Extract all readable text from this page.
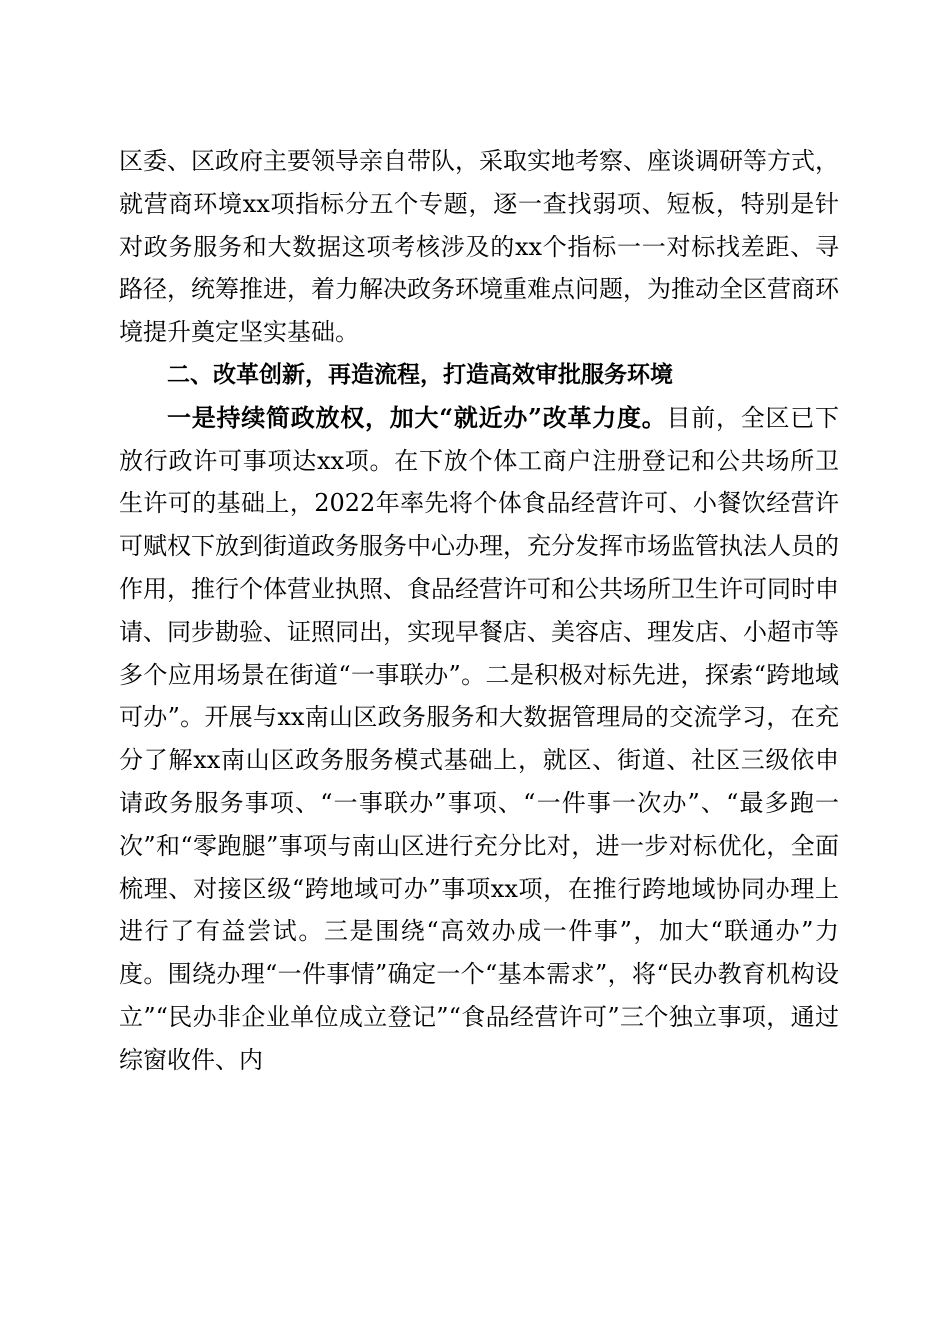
区委、区政府主要领导亲自带队，采取实地考察、座谈调研等方式，就营商环境xx项指标分五个专题，逐一查找弱项、短板，特别是针对政务服务和大数据这项考核涉及的xx个指标一一对标找差距、寻路径，统筹推进，着力解决政务环境重难点问题，为推动全区营商环境提升奠定坚实基础。

二、改革创新，再造流程，打造高效审批服务环境

一是持续简政放权，加大“就近办”改革力度。目前，全区已下放行政许可事项达xx项。在下放个体工商户注册登记和公共场所卫生许可的基础上，2022年率先将个体食品经营许可、小餐饮经营许可赋权下放到街道政务服务中心办理，充分发挥市场监管执法人员的作用，推行个体营业执照、食品经营许可和公共场所卫生许可同时申请、同步勘验、证照同出，实现早餐店、美容店、理发店、小超市等多个应用场景在街道“一事联办”。二是积极对标先进，探索“跨地域可办”。开展与xx南山区政务服务和大数据管理局的交流学习，在充分了解xx南山区政务服务模式基础上，就区、街道、社区三级依申请政务服务事项、“一事联办”事项、“一件事一次办”、“最多跑一次”和“零跑腿”事项与南山区进行充分比对，进一步对标优化，全面梳理、对接区级“跨地域可办”事项xx项，在推行跨地域协同办理上进行了有益尝试。三是围绕“高效办成一件事”，加大“联通办”力度。围绕办理“一件事情”确定一个“基本需求”，将“民办教育机构设立”“民办非企业单位成立登记”“食品经营许可”三个独立事项，通过综窗收件、内
